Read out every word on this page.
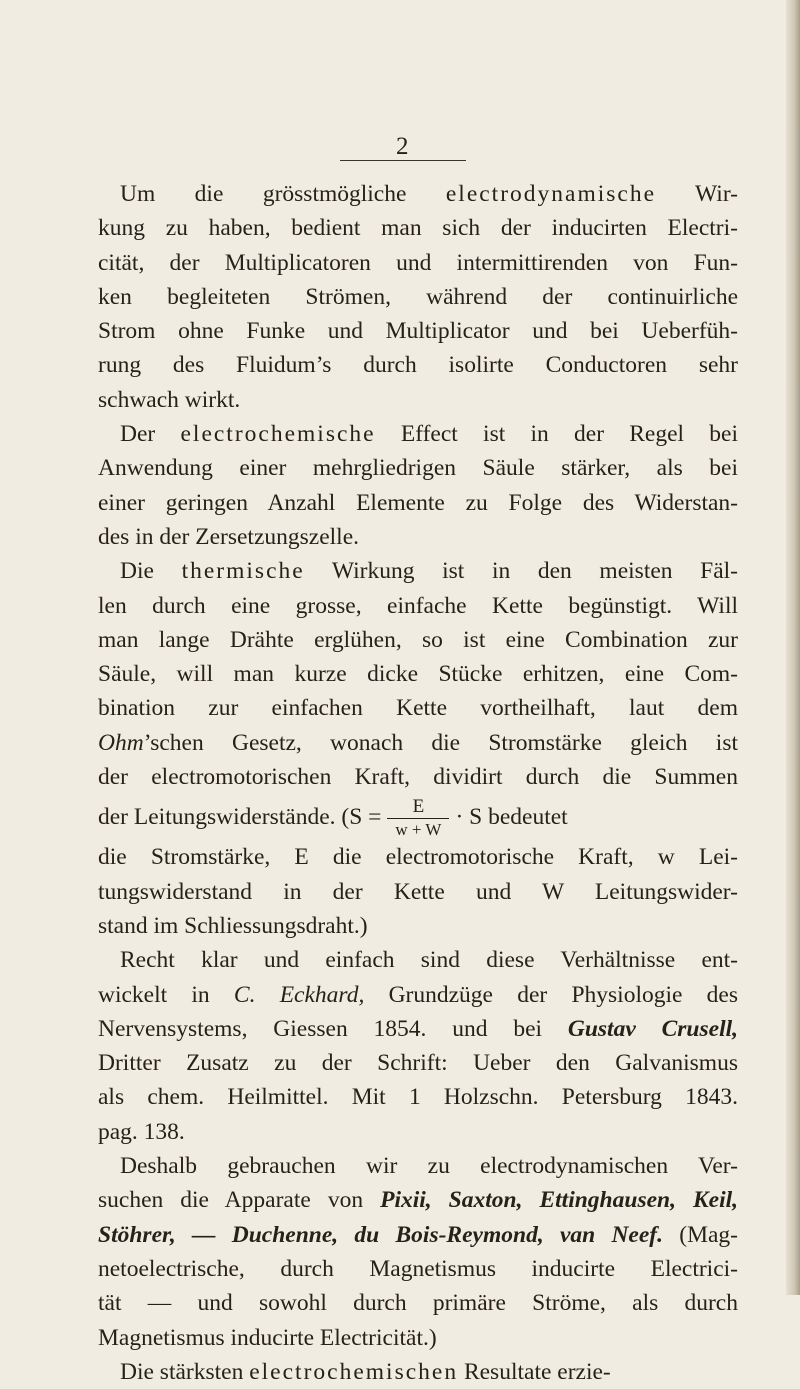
2
Um die grösstmögliche electrodynamische Wir-
kung zu haben, bedient man sich der inducirten Electri-
cität, der Multiplicatoren und intermittirenden von Fun-
ken begleiteten Strömen, während der continuirliche
Strom ohne Funke und Multiplicator und bei Ueberfüh-
rung des Fluidum’s durch isolirte Conductoren sehr
schwach wirkt.
Der electrochemische Effect ist in der Regel bei
Anwendung einer mehrgliedrigen Säule stärker, als bei
einer geringen Anzahl Elemente zu Folge des Widerstan-
des in der Zersetzungszelle.
Die thermische Wirkung ist in den meisten Fäl-
len durch eine grosse, einfache Kette begünstigt. Will
man lange Drähte erglühen, so ist eine Combination zur
Säule, will man kurze dicke Stücke erhitzen, eine Com-
bination zur einfachen Kette vortheilhaft, laut dem
Ohm’schen Gesetz, wonach die Stromstärke gleich ist
der electromotorischen Kraft, dividirt durch die Summen
der Leitungswiderstände. ($S = \frac{E}{w + W} \cdot S$ bedeutet
die Stromstärke, E die electromotorische Kraft, w Lei-
tungswiderstand in der Kette und W Leitungswider-
stand im Schliessungsdraht.)
Recht klar und einfach sind diese Verhältnisse ent-
wickelt in C. Eckhard, Grundzüge der Physiologie des
Nervensystems, Giessen 1854. und bei Gustav Crusell,
Dritter Zusatz zu der Schrift: Ueber den Galvanismus
als chem. Heilmittel. Mit 1 Holzschn. Petersburg 1843.
pag. 138.
Deshalb gebrauchen wir zu electrodynamischen Ver-
suchen die Apparate von Pixii, Saxton, Ettinghausen, Keil,
Stöhrer, — Duchenne, du Bois-Reymond, van Neef. (Mag-
netoelectrische, durch Magnetismus inducirte Electrici-
tät — und sowohl durch primäre Ströme, als durch
Magnetismus inducirte Electricität.)
Die stärksten electrochemischen Resultate erzie-
